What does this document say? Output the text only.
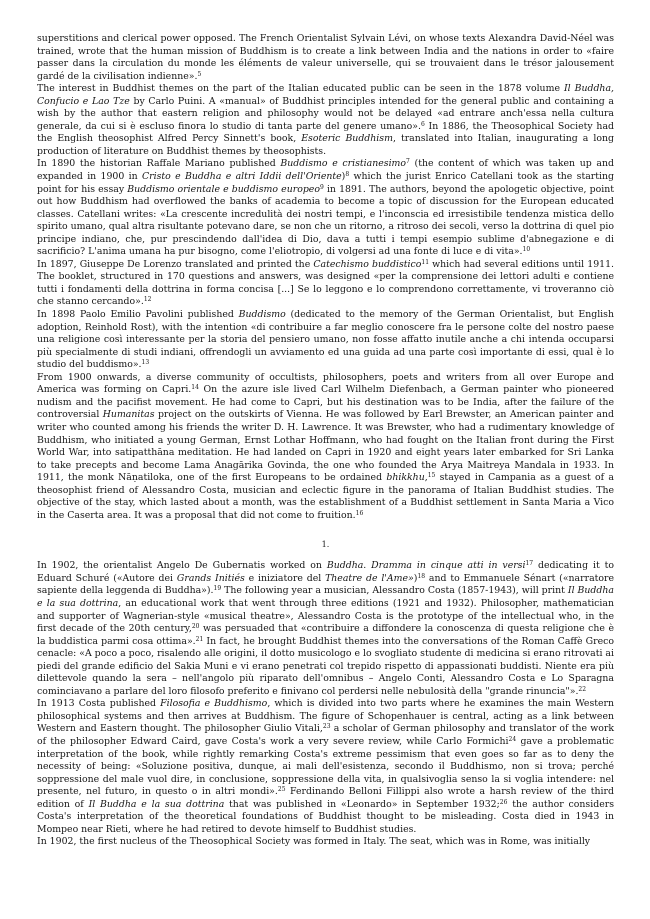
superstitions and clerical power opposed. The French Orientalist Sylvain Lévi, on whose texts Alexandra David-Néel was trained, wrote that the human mission of Buddhism is to create a link between India and the nations in order to «faire passer dans la circulation du monde les éléments de valeur universelle, qui se trouvaient dans le trésor jalousement gardé de la civilisation indienne».$^5$

The interest in Buddhist themes on the part of the Italian educated public can be seen in the 1878 volume Il Buddha, Confucio e Lao Tze by Carlo Puini. A «manual» of Buddhist principles intended for the general public and containing a wish by the author that eastern religion and philosophy would not be delayed «ad entrare anch'essa nella cultura generale, da cui si è escluso finora lo studio di tanta parte del genere umano».$^6$ In 1886, the Theosophical Society had the English theosophist Alfred Percy Sinnett's book, Esoteric Buddhism, translated into Italian, inaugurating a long production of literature on Buddhist themes by theosophists.

In 1890 the historian Raffale Mariano published Buddismo e cristianesimo$^7$ (the content of which was taken up and expanded in 1900 in Cristo e Buddha e altri Iddii dell'Oriente)$^8$ which the jurist Enrico Catellani took as the starting point for his essay Buddismo orientale e buddismo europeo$^9$ in 1891. The authors, beyond the apologetic objective, point out how Buddhism had overflowed the banks of academia to become a topic of discussion for the European educated classes. Catellani writes: «La crescente incredulità dei nostri tempi, e l'inconscia ed irresistibile tendenza mistica dello spirito umano, qual altra risultante potevano dare, se non che un ritorno, a ritroso dei secoli, verso la dottrina di quel pio principe indiano, che, pur prescindendo dall'idea di Dio, dava a tutti i tempi esempio sublime d'abnegazione e di sacrificio? L'anima umana ha pur bisogno, come l'eliotropio, di volgersi ad una fonte di luce e di vita».$^{10}$

In 1897, Giuseppe De Lorenzo translated and printed the Catechismo buddistico$^{11}$ which had several editions until 1911. The booklet, structured in 170 questions and answers, was designed «per la comprensione dei lettori adulti e contiene tutti i fondamenti della dottrina in forma concisa [...] Se lo leggono e lo comprendono correttamente, vi troveranno ciò che stanno cercando».$^{12}$

In 1898 Paolo Emilio Pavolini published Buddismo (dedicated to the memory of the German Orientalist, but English adoption, Reinhold Rost), with the intention «di contribuire a far meglio conoscere fra le persone colte del nostro paese una religione così interessante per la storia del pensiero umano, non fosse affatto inutile anche a chi intenda occuparsi più specialmente di studi indiani, offrendogli un avviamento ed una guida ad una parte così importante di essi, qual è lo studio del buddismo».$^{13}$

From 1900 onwards, a diverse community of occultists, philosophers, poets and writers from all over Europe and America was forming on Capri.$^{14}$ On the azure isle lived Carl Wilhelm Diefenbach, a German painter who pioneered nudism and the pacifist movement. He had come to Capri, but his destination was to be India, after the failure of the controversial Humanitas project on the outskirts of Vienna. He was followed by Earl Brewster, an American painter and writer who counted among his friends the writer D. H. Lawrence. It was Brewster, who had a rudimentary knowledge of Buddhism, who initiated a young German, Ernst Lothar Hoffmann, who had fought on the Italian front during the First World War, into satipatthāna meditation. He had landed on Capri in 1920 and eight years later embarked for Sri Lanka to take precepts and become Lama Anagārika Govinda, the one who founded the Arya Maitreya Mandala in 1933. In 1911, the monk Nāṇatiloka, one of the first Europeans to be ordained bhikkhu,$^{15}$ stayed in Campania as a guest of a theosophist friend of Alessandro Costa, musician and eclectic figure in the panorama of Italian Buddhist studies. The objective of the stay, which lasted about a month, was the establishment of a Buddhist settlement in Santa Maria a Vico in the Caserta area. It was a proposal that did not come to fruition.$^{16}$

1.

In 1902, the orientalist Angelo De Gubernatis worked on Buddha. Dramma in cinque atti in versi$^{17}$ dedicating it to Eduard Schuré («Autore dei Grands Initiés e iniziatore del Theatre de l'Ame»)$^{18}$ and to Emmanuele Sénart («narratore sapiente della leggenda di Buddha»).$^{19}$ The following year a musician, Alessandro Costa (1857-1943), will print Il Buddha e la sua dottrina, an educational work that went through three editions (1921 and 1932). Philosopher, mathematician and supporter of Wagnerian-style «musical theatre», Alessandro Costa is the prototype of the intellectual who, in the first decade of the 20th century,$^{20}$ was persuaded that «contribuire a diffondere la conoscenza di questa religione che è la buddistica parmi cosa ottima».$^{21}$ In fact, he brought Buddhist themes into the conversations of the Roman Caffè Greco cenacle: «A poco a poco, risalendo alle origini, il dotto musicologo e lo svogliato studente di medicina si erano ritrovati ai piedi del grande edificio del Sakia Muni e vi erano penetrati col trepido rispetto di appassionati buddisti. Niente era più dilettevole quando la sera – nell'angolo più riparato dell'omnibus – Angelo Conti, Alessandro Costa e Lo Sparagna cominciavano a parlare del loro filosofo preferito e finivano col perdersi nelle nebulosità della "grande rinuncia"».$^{22}$

In 1913 Costa published Filosofia e Buddhismo, which is divided into two parts where he examines the main Western philosophical systems and then arrives at Buddhism. The figure of Schopenhauer is central, acting as a link between Western and Eastern thought. The philosopher Giulio Vitali,$^{23}$ a scholar of German philosophy and translator of the work of the philosopher Edward Caird, gave Costa's work a very severe review, while Carlo Formichi$^{24}$ gave a problematic interpretation of the book, while rightly remarking Costa's extreme pessimism that even goes so far as to deny the necessity of being: «Soluzione positiva, dunque, ai mali dell'esistenza, secondo il Buddhismo, non si trova; perché soppressione del male vuol dire, in conclusione, soppressione della vita, in qualsivoglia senso la si voglia intendere: nel presente, nel futuro, in questo o in altri mondi».$^{25}$ Ferdinando Belloni Fillippi also wrote a harsh review of the third edition of Il Buddha e la sua dottrina that was published in «Leonardo» in September 1932;$^{26}$ the author considers Costa's interpretation of the theoretical foundations of Buddhist thought to be misleading. Costa died in 1943 in Mompeo near Rieti, where he had retired to devote himself to Buddhist studies.

In 1902, the first nucleus of the Theosophical Society was formed in Italy. The seat, which was in Rome, was initially
